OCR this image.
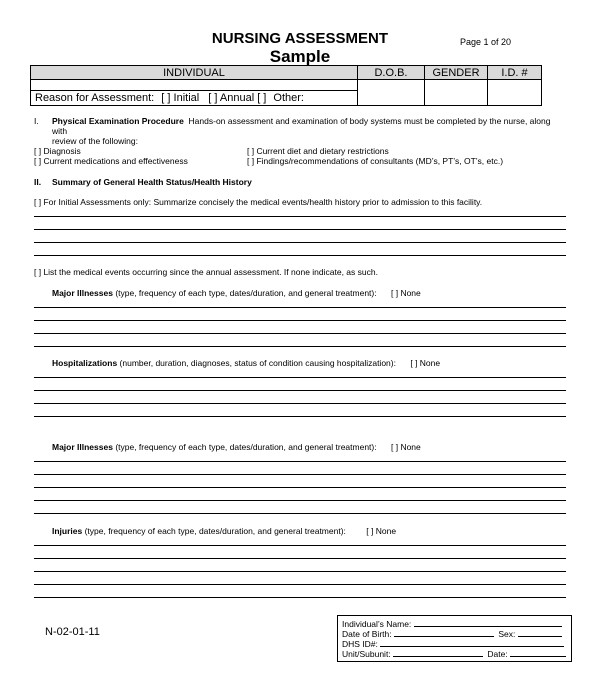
NURSING ASSESSMENT
Sample
Page 1 of 20
INDIVIDUAL	D.O.B.	GENDER	I.D. #

Reason for Assessment: [ ] Initial [ ] Annual [ ] Other:
I. Physical Examination Procedure Hands-on assessment and examination of body systems must be completed by the nurse, along with
review of the following:
[ ] Diagnosis
[ ] Current medications and effectiveness
[ ] Current diet and dietary restrictions
[ ] Findings/recommendations of consultants (MD’s, PT’s, OT’s, etc.)
II. Summary of General Health Status/Health History
[ ] For Initial Assessments only: Summarize concisely the medical events/health history prior to admission to this facility.
[ ] List the medical events occurring since the annual assessment. If none indicate, as such.
Major Illnesses (type, frequency of each type, dates/duration, and general treatment): [ ] None
Hospitalizations (number, duration, diagnoses, status of condition causing hospitalization): [ ] None
Major Illnesses (type, frequency of each type, dates/duration, and general treatment): [ ] None
Injuries (type, frequency of each type, dates/duration, and general treatment): [ ] None
N-02-01-11
Individual’s Name:
Date of Birth:	Sex:
DHS ID#:
Unit/Subunit:	Date:
